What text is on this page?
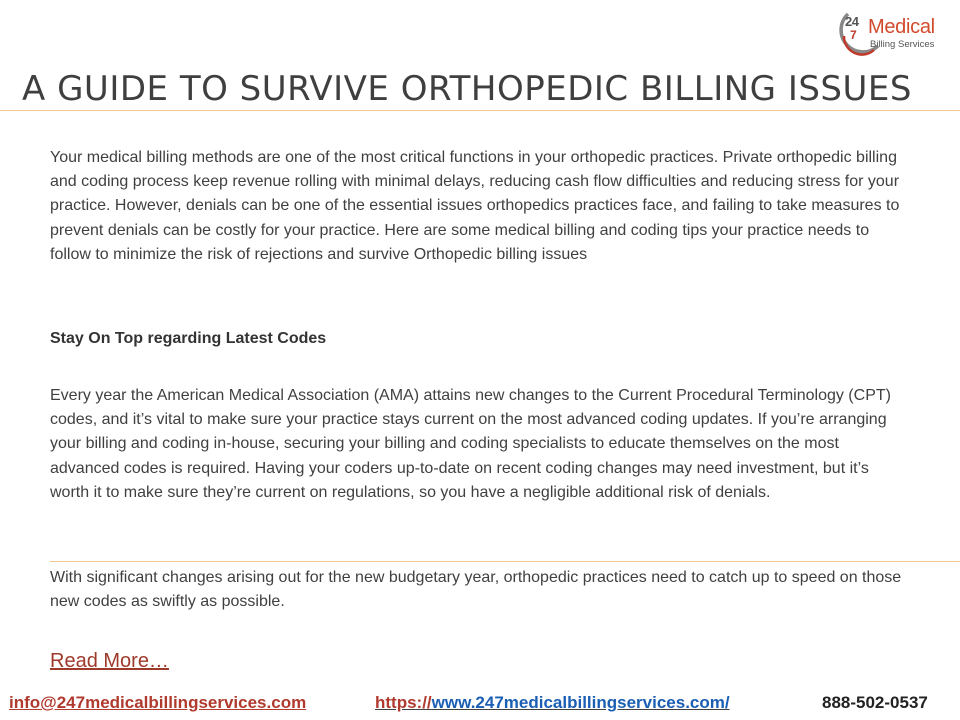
24
7 Medical
Billing Services
A GUIDE TO SURVIVE ORTHOPEDIC BILLING ISSUES
Your medical billing methods are one of the most critical functions in your orthopedic practices. Private orthopedic billing and coding process keep revenue rolling with minimal delays, reducing cash flow difficulties and reducing stress for your practice. However, denials can be one of the essential issues orthopedics practices face, and failing to take measures to prevent denials can be costly for your practice. Here are some medical billing and coding tips your practice needs to follow to minimize the risk of rejections and survive Orthopedic billing issues
Stay On Top regarding Latest Codes
Every year the American Medical Association (AMA) attains new changes to the Current Procedural Terminology (CPT) codes, and it’s vital to make sure your practice stays current on the most advanced coding updates. If you’re arranging your billing and coding in-house, securing your billing and coding specialists to educate themselves on the most advanced codes is required. Having your coders up-to-date on recent coding changes may need investment, but it’s worth it to make sure they’re current on regulations, so you have a negligible additional risk of denials.
With significant changes arising out for the new budgetary year, orthopedic practices need to catch up to speed on those new codes as swiftly as possible.
Read More…
info@247medicalbillingservices.com	https://www.247medicalbillingservices.com/	888-502-0537
